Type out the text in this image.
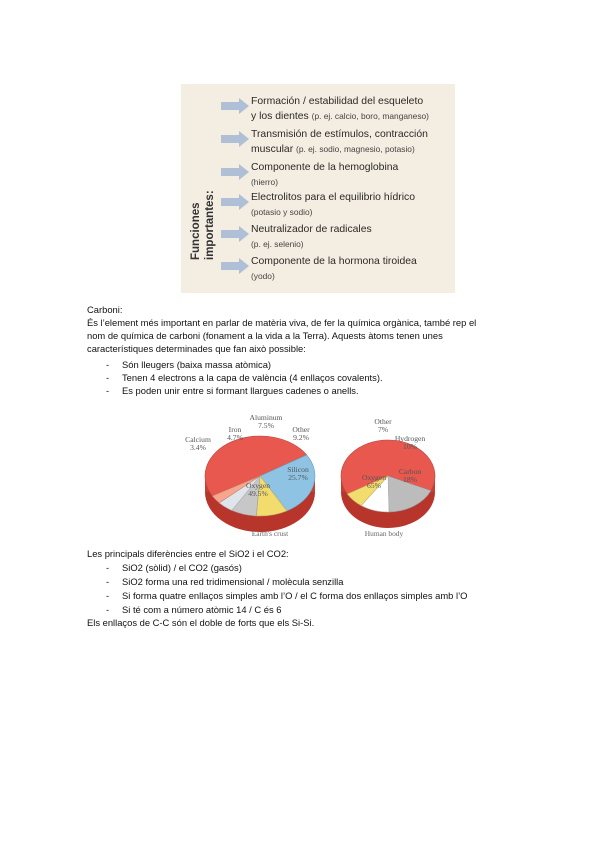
Funciones importantes:
Formación / estabilidad del esqueleto
y los dientes (p. ej. calcio, boro, manganeso)
Transmisión de estímulos, contracción
muscular (p. ej. sodio, magnesio, potasio)
Componente de la hemoglobina
(hierro)
Electrolitos para el equilibrio hídrico
(potasio y sodio)
Neutralizador de radicales
(p. ej. selenio)
Componente de la hormona tiroidea
(yodo)
Carboni:
És l’element més important en parlar de matèria viva, de fer la química orgànica, també rep el
nom de química de carboni (fonament a la vida a la Terra). Aquests àtoms tenen unes
característiques determinades que fan això possible:
- Són lleugers (baixa massa atòmica)
- Tenen 4 electrons a la capa de valència (4 enllaços covalents).
- Es poden unir entre si formant llargues cadenes o anells.
Oxygen
49.5%
Silicon
25.7%
Other
9.2%
Aluminum
7.5%
Iron
4.7%
Calcium
3.4%
Earth's crust
Oxygen
65%
Carbon
18%
Hydrogen
10%
Other
7%
Human body
Les principals diferències entre el SiO2 i el CO2:
- SiO2 (sòlid) / el CO2 (gasós)
- SiO2 forma una red tridimensional / molècula senzilla
- Si forma quatre enllaços simples amb l’O / el C forma dos enllaços simples amb l’O
- Si té com a número atòmic 14 / C és 6
Els enllaços de C-C són el doble de forts que els Si-Si.
